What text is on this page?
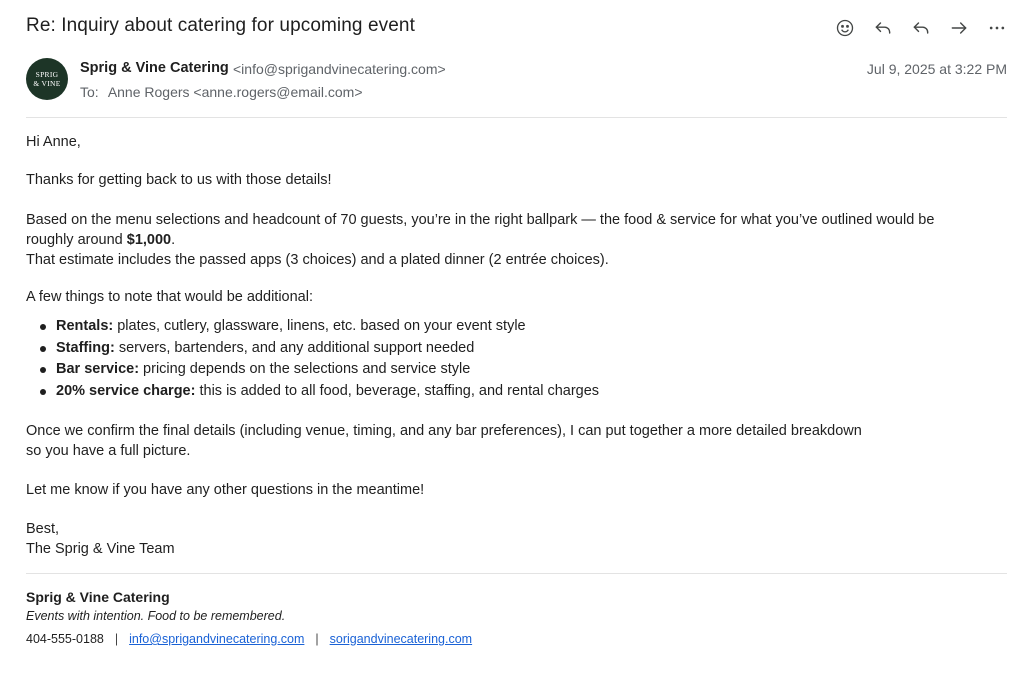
Re: Inquiry about catering for upcoming event
SPRIG
& VINE
Sprig & Vine Catering <info@sprigandvinecatering.com>	Jul 9, 2025 at 3:22 PM
To: Anne Rogers <anne.rogers@email.com>

Hi Anne,

Thanks for getting back to us with those details!

Based on the menu selections and headcount of 70 guests, you’re in the right ballpark — the food & service for what you’ve outlined would be roughly around $1,000.

That estimate includes the passed apps (3 choices) and a plated dinner (2 entrée choices).

A few things to note that would be additional:

Rentals: plates, cutlery, glassware, linens, etc. based on your event style
Staffing: servers, bartenders, and any additional support needed
Bar service: pricing depends on the selections and service style
20% service charge: this is added to all food, beverage, staffing, and rental charges

Once we confirm the final details (including venue, timing, and any bar preferences), I can put together a more detailed breakdown so you have a full picture.

Let me know if you have any other questions in the meantime!

Best,

The Sprig & Vine Team

Sprig & Vine Catering
Events with intention. Food to be remembered.
404-555-0188 | info@sprigandvinecatering.com | sorigandvinecatering.com
